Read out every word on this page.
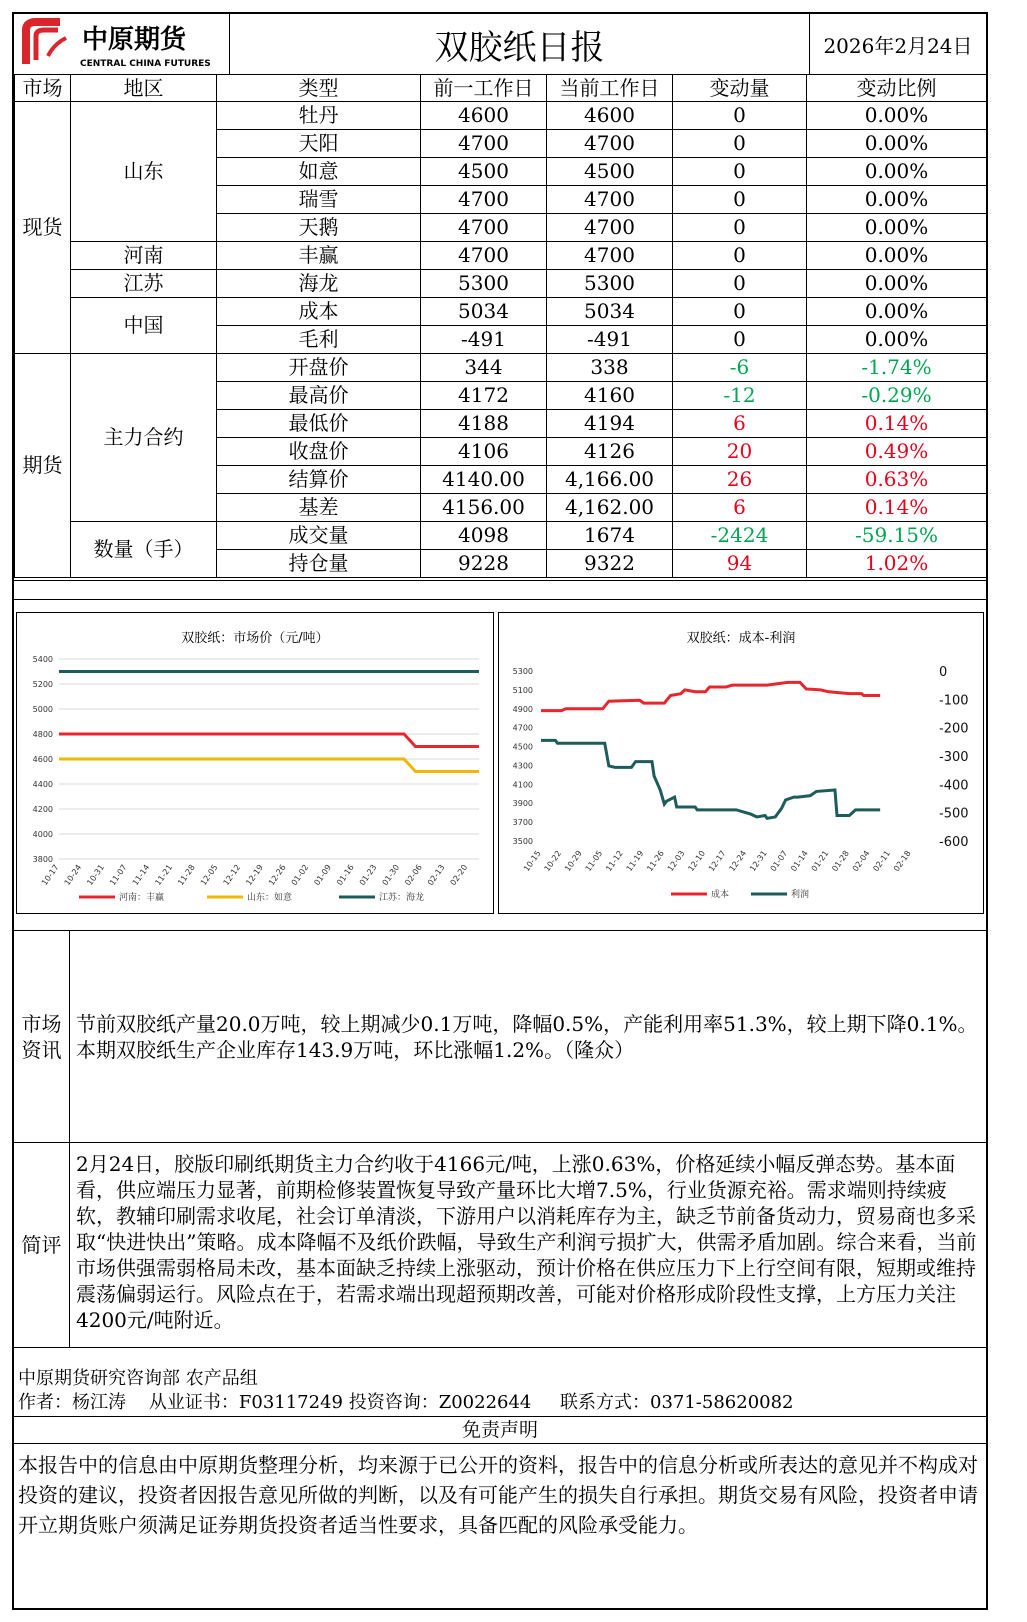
中原期货
CENTRAL CHINA FUTURES	双胶纸日报	2026年2月24日
市场	地区	类型	前一工作日	当前工作日	变动量	变动比例
现货	山东	牡丹	4600	4600	0	0.00%
		天阳	4700	4700	0	0.00%
		如意	4500	4500	0	0.00%
		瑞雪	4700	4700	0	0.00%
		天鹅	4700	4700	0	0.00%
	河南	丰赢	4700	4700	0	0.00%
	江苏	海龙	5300	5300	0	0.00%
	中国	成本	5034	5034	0	0.00%
		毛利	-491	-491	0	0.00%
期货	主力合约	开盘价	344	338	-6	-1.74%
		最高价	4172	4160	-12	-0.29%
		最低价	4188	4194	6	0.14%
		收盘价	4106	4126	20	0.49%
		结算价	4140.00	4,166.00	26	0.63%
		基差	4156.00	4,162.00	6	0.14%
	数量（手）	成交量	4098	1674	-2424	-59.15%
		持仓量	9228	9322	94	1.02%
双胶纸：市场价（元/吨）
3800
4000
4200
4400
4600
4800
5000
5200
5400
10-17 10-24 10-31 11-07 11-14 11-21 11-28 12-05 12-12 12-19 12-26 01-02 01-09 01-16 01-23 01-30 02-06 02-13 02-20
河南：丰赢	山东：如意	江苏：海龙
双胶纸：成本-利润
3500
3700
3900
4100
4300
4500
4700
4900
5100
5300	0
-100
-200
-300
-400
-500
-600
10-15 10-22 10-29 11-05 11-12 11-19 11-26 12-03 12-10 12-17 12-24 12-31 01-07 01-14 01-21 01-28 02-04 02-11 02-18
成本	利润
市场资讯
节前双胶纸产量20.0万吨，较上期减少0.1万吨，降幅0.5%，产能利用率51.3%，较上期下降0.1%。本期双胶纸生产企业库存143.9万吨，环比涨幅1.2%。（隆众）
简评
2月24日，胶版印刷纸期货主力合约收于4166元/吨，上涨0.63%，价格延续小幅反弹态势。基本面看，供应端压力显著，前期检修装置恢复导致产量环比大增7.5%，行业货源充裕。需求端则持续疲软，教辅印刷需求收尾，社会订单清淡，下游用户以消耗库存为主，缺乏节前备货动力，贸易商也多采取“快进快出”策略。成本降幅不及纸价跌幅，导致生产利润亏损扩大，供需矛盾加剧。综合来看，当前市场供强需弱格局未改，基本面缺乏持续上涨驱动，预计价格在供应压力下上行空间有限，短期或维持震荡偏弱运行。风险点在于，若需求端出现超预期改善，可能对价格形成阶段性支撑，上方压力关注4200元/吨附近。
中原期货研究咨询部 农产品组
作者：杨江涛    从业证书：F03117249 投资咨询：Z0022644     联系方式：0371-58620082
免责声明
本报告中的信息由中原期货整理分析，均来源于已公开的资料，报告中的信息分析或所表达的意见并不构成对投资的建议，投资者因报告意见所做的判断，以及有可能产生的损失自行承担。期货交易有风险，投资者申请开立期货账户须满足证券期货投资者适当性要求，具备匹配的风险承受能力。
